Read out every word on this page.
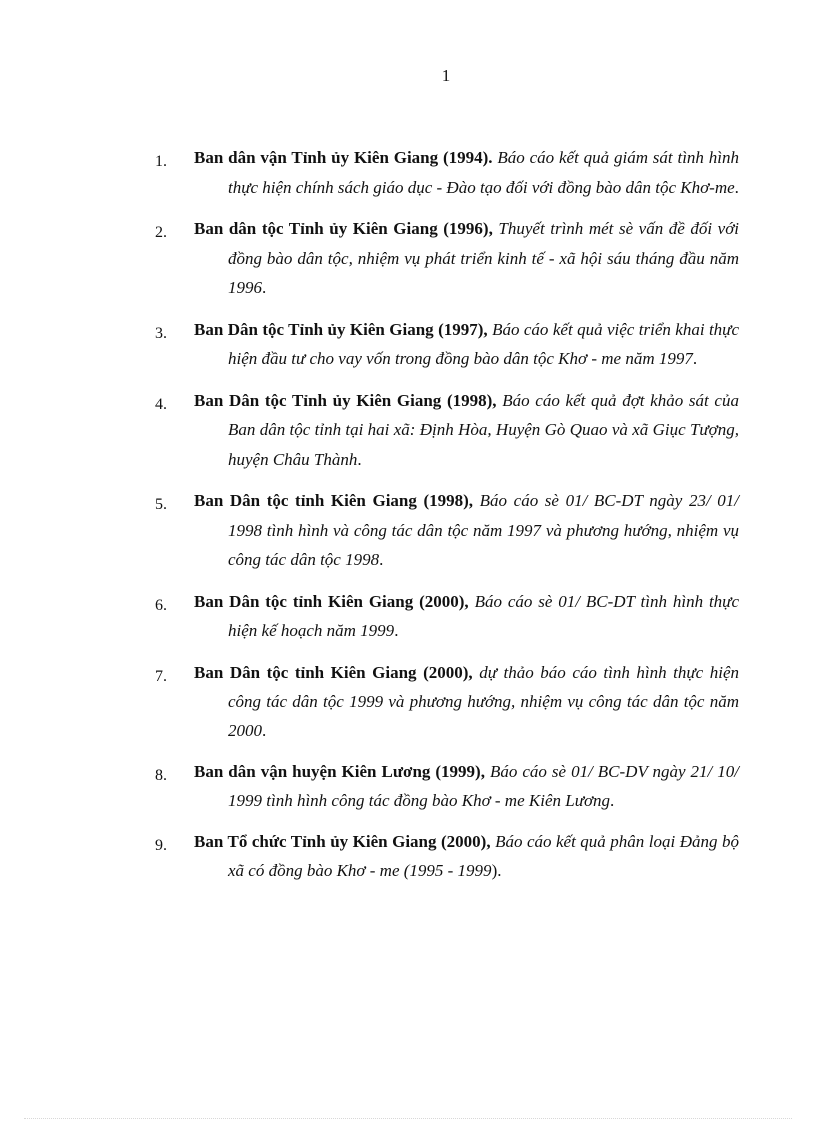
1
1. Ban dân vận Tỉnh ủy Kiên Giang (1994). Báo cáo kết quả giám sát tình hình thực hiện chính sách giáo dục - Đào tạo đối với đồng bào dân tộc Khơ-me.
2. Ban dân tộc Tỉnh ủy Kiên Giang (1996), Thuyết trình mét sè vấn đề đối với đồng bào dân tộc, nhiệm vụ phát triển kinh tế - xã hội sáu tháng đầu năm 1996.
3. Ban Dân tộc Tỉnh ủy Kiên Giang (1997), Báo cáo kết quả việc triển khai thực hiện đầu tư cho vay vốn trong đồng bào dân tộc Khơ - me năm 1997.
4. Ban Dân tộc Tỉnh ủy Kiên Giang (1998), Báo cáo kết quả đợt khảo sát của Ban dân tộc tỉnh tại hai xã: Định Hòa, Huyện Gò Quao và xã Giục Tượng, huyện Châu Thành.
5. Ban Dân tộc tỉnh Kiên Giang (1998), Báo cáo sè 01/ BC-DT ngày 23/ 01/ 1998 tình hình và công tác dân tộc năm 1997 và phương hướng, nhiệm vụ công tác dân tộc 1998.
6. Ban Dân tộc tỉnh Kiên Giang (2000), Báo cáo sè 01/ BC-DT tình hình thực hiện kế hoạch năm 1999.
7. Ban Dân tộc tỉnh Kiên Giang (2000), dự thảo báo cáo tình hình thực hiện công tác dân tộc 1999 và phương hướng, nhiệm vụ công tác dân tộc năm 2000.
8. Ban dân vận huyện Kiên Lương (1999), Báo cáo sè 01/ BC-DV ngày 21/ 10/ 1999 tình hình công tác đồng bào Khơ - me Kiên Lương.
9. Ban Tổ chức Tỉnh ủy Kiên Giang (2000), Báo cáo kết quả phân loại Đảng bộ xã có đồng bào Khơ - me (1995 - 1999).
